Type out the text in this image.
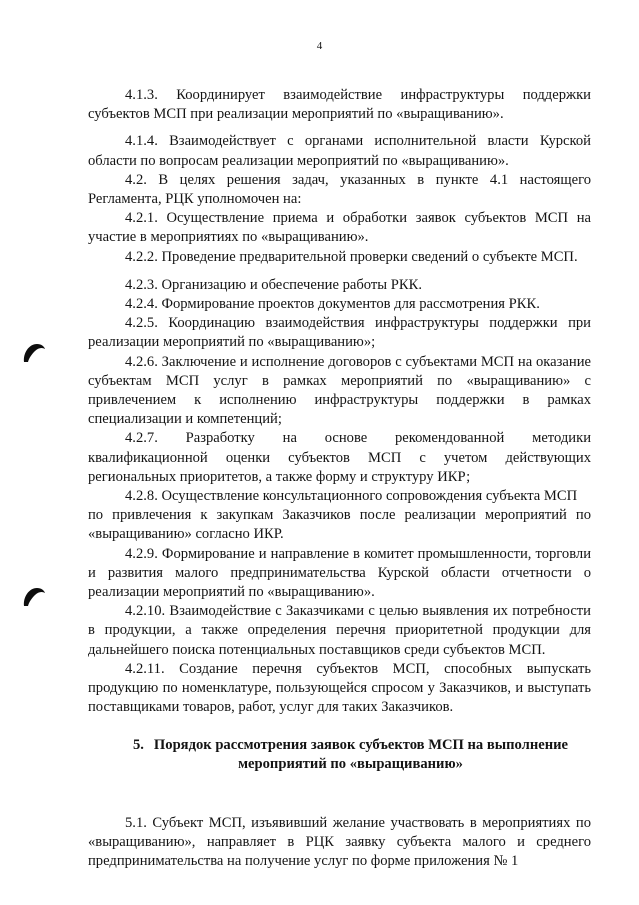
4

4.1.3. Координирует взаимодействие инфраструктуры поддержки субъектов МСП при реализации мероприятий по «выращиванию».

4.1.4. Взаимодействует с органами исполнительной власти Курской области по вопросам реализации мероприятий по «выращиванию».

4.2. В целях решения задач, указанных в пункте 4.1 настоящего Регламента, РЦК уполномочен на:

4.2.1. Осуществление приема и обработки заявок субъектов МСП на участие в мероприятиях по «выращиванию».

4.2.2. Проведение предварительной проверки сведений о субъекте МСП.

4.2.3. Организацию и обеспечение работы РКК.

4.2.4. Формирование проектов документов для рассмотрения РКК.

4.2.5. Координацию взаимодействия инфраструктуры поддержки при реализации мероприятий по «выращиванию»;

4.2.6. Заключение и исполнение договоров с субъектами МСП на оказание субъектам МСП услуг в рамках мероприятий по «выращиванию» с привлечением к исполнению инфраструктуры поддержки в рамках специализации и компетенций;

4.2.7. Разработку на основе рекомендованной методики квалификационной оценки субъектов МСП с учетом действующих региональных приоритетов, а также форму и структуру ИКР;

4.2.8. Осуществление консультационного сопровождения субъекта МСП

по привлечения к закупкам Заказчиков после реализации мероприятий по «выращиванию» согласно ИКР.

4.2.9. Формирование и направление в комитет промышленности, торговли и развития малого предпринимательства Курской области отчетности о реализации мероприятий по «выращиванию».

4.2.10. Взаимодействие с Заказчиками с целью выявления их потребности в продукции, а также определения перечня приоритетной продукции для дальнейшего поиска потенциальных поставщиков среди субъектов МСП.

4.2.11. Создание перечня субъектов МСП, способных выпускать продукцию по номенклатуре, пользующейся спросом у Заказчиков, и выступать поставщиками товаров, работ, услуг для таких Заказчиков.

5. Порядок рассмотрения заявок субъектов МСП на выполнение мероприятий по «выращиванию»

5.1. Субъект МСП, изъявивший желание участвовать в мероприятиях по «выращиванию», направляет в РЦК заявку субъекта малого и среднего предпринимательства на получение услуг по форме приложения № 1
